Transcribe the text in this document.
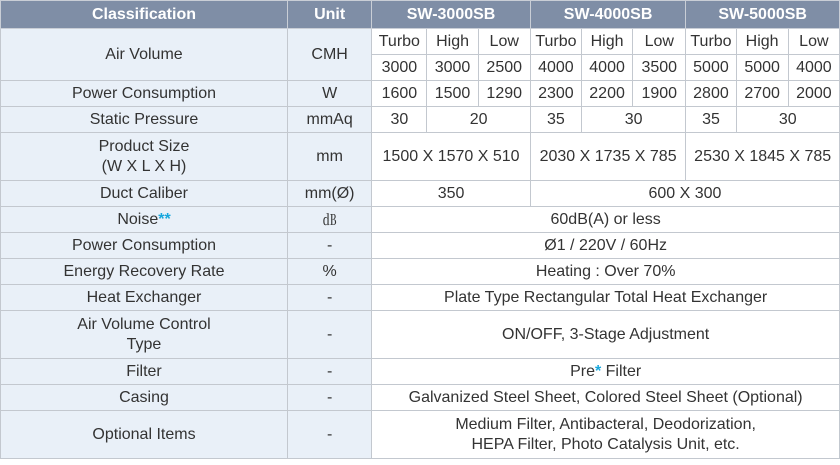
Classification	Unit	SW-3000SB			SW-4000SB			SW-5000SB		
Air Volume	CMH	Turbo	High	Low	Turbo	High	Low	Turbo	High	Low
		3000	3000	2500	4000	4000	3500	5000	5000	4000
Power Consumption	W	1600	1500	1290	2300	2200	1900	2800	2700	2000
Static Pressure	mmAq	30	20		35	30		35	30	

Product Size
(W X L X H)	mm	1500 X 1570 X 510			2030 X 1735 X 785			2530 X 1845 X 785		
Duct Caliber	mm(Ø)	350			600 X 300					
Noise**	㏈	60dB(A) or less								
Power Consumption	-	Ø1 / 220V / 60Hz								
Energy Recovery Rate	%	Heating : Over 70%								
Heat Exchanger	-	Plate Type Rectangular Total Heat Exchanger								

Air Volume Control
Type	-	ON/OFF, 3-Stage Adjustment								
Filter	-	Pre* Filter								
Casing	-	Galvanized Steel Sheet, Colored Steel Sheet (Optional)								
Optional Items	-	Medium Filter, Antibacteral, Deodorization,
HEPA Filter, Photo Catalysis Unit, etc.								
